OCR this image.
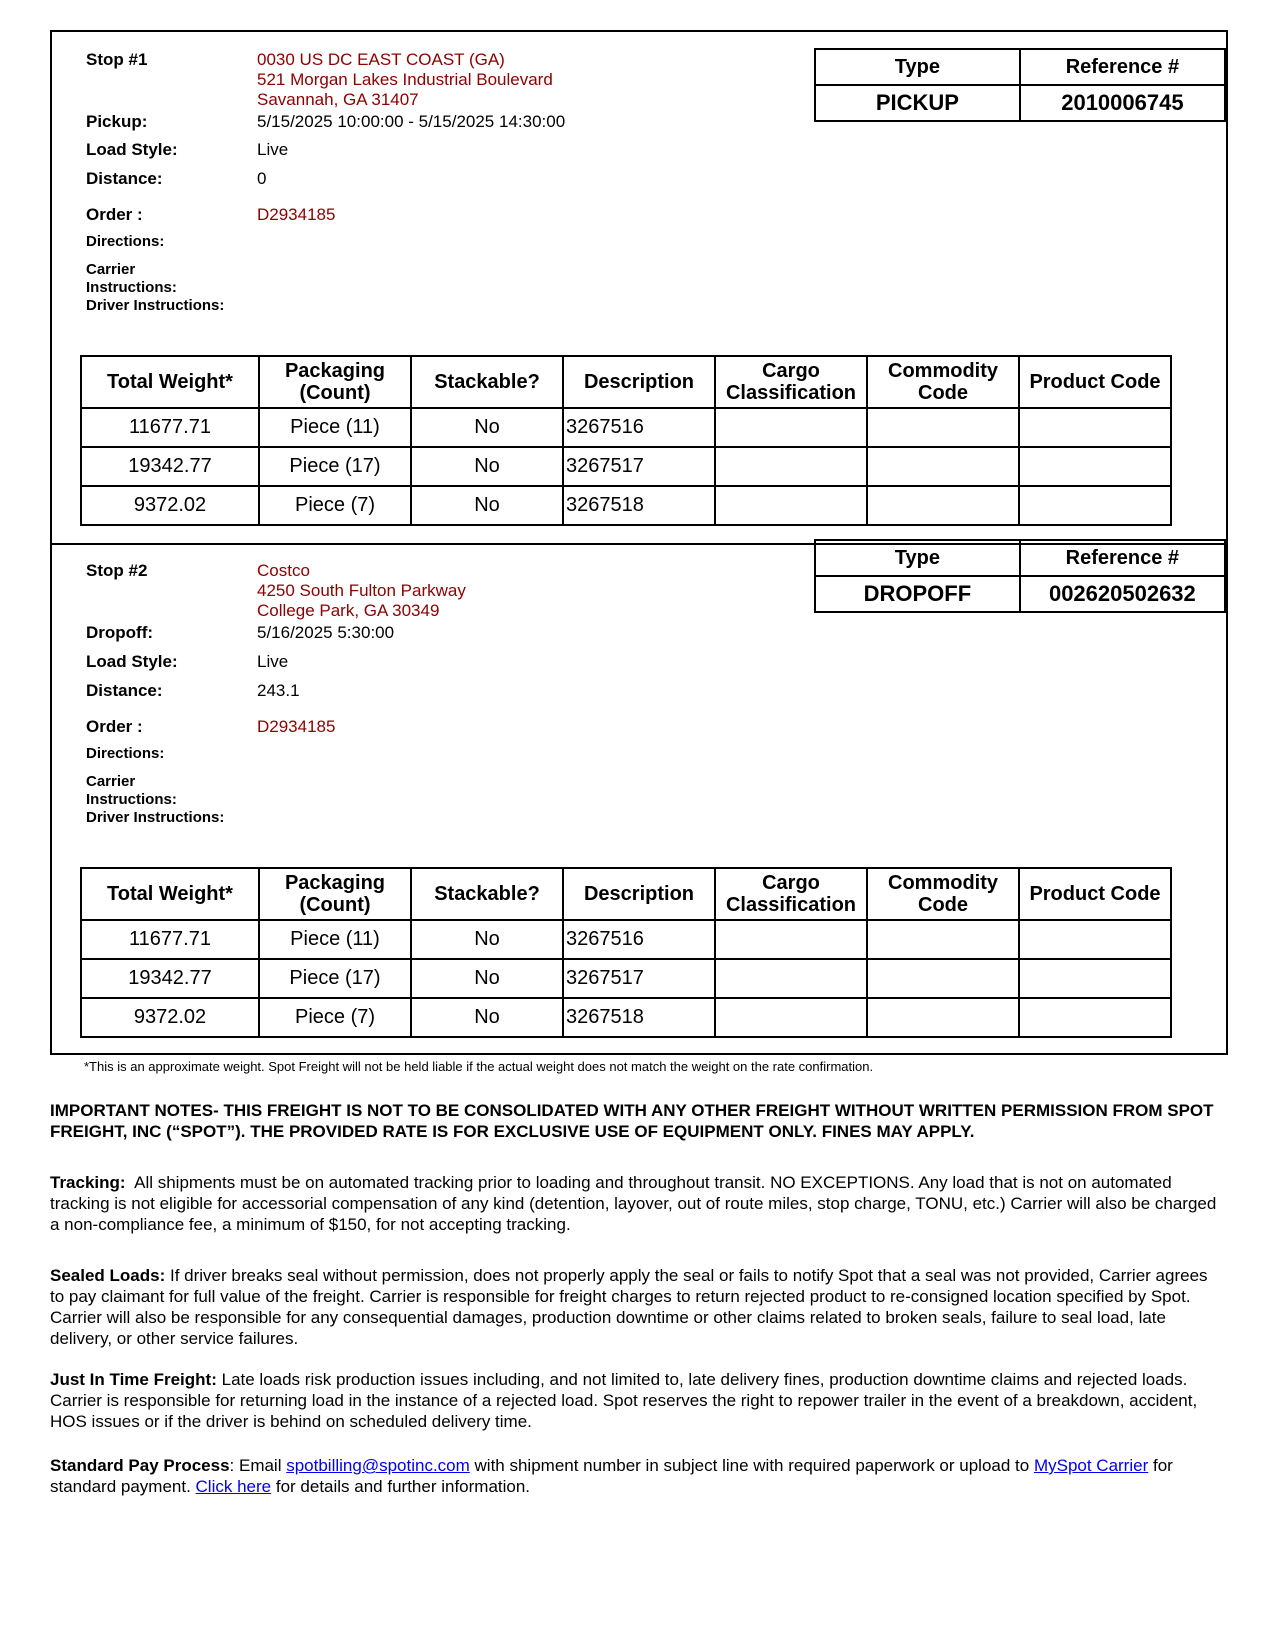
Stop #1	0030 US DC EAST COAST (GA)
521 Morgan Lakes Industrial Boulevard
Savannah, GA 31407
Pickup:	5/15/2025 10:00:00 - 5/15/2025 14:30:00
Load Style:	Live
Distance:	0
Order :	D2934185
Directions:
Carrier
Instructions:
Driver Instructions:
Type	Reference #
PICKUP	2010006745
Total Weight*	Packaging (Count)	Stackable?	Description	Cargo Classification	Commodity Code	Product Code
11677.71	Piece (11)	No	3267516			
19342.77	Piece (17)	No	3267517			
9372.02	Piece (7)	No	3267518			
Stop #2	Costco
4250 South Fulton Parkway
College Park, GA 30349
Dropoff:	5/16/2025 5:30:00
Load Style:	Live
Distance:	243.1
Order :	D2934185
Directions:
Carrier
Instructions:
Driver Instructions:
Type	Reference #
DROPOFF	002620502632
Total Weight*	Packaging (Count)	Stackable?	Description	Cargo Classification	Commodity Code	Product Code
11677.71	Piece (11)	No	3267516			
19342.77	Piece (17)	No	3267517			
9372.02	Piece (7)	No	3267518			
*This is an approximate weight. Spot Freight will not be held liable if the actual weight does not match the weight on the rate confirmation.
IMPORTANT NOTES- THIS FREIGHT IS NOT TO BE CONSOLIDATED WITH ANY OTHER FREIGHT WITHOUT WRITTEN PERMISSION FROM SPOT FREIGHT, INC (“SPOT”). THE PROVIDED RATE IS FOR EXCLUSIVE USE OF EQUIPMENT ONLY. FINES MAY APPLY.
Tracking: All shipments must be on automated tracking prior to loading and throughout transit. NO EXCEPTIONS. Any load that is not on automated tracking is not eligible for accessorial compensation of any kind (detention, layover, out of route miles, stop charge, TONU, etc.) Carrier will also be charged a non-compliance fee, a minimum of $150, for not accepting tracking.
Sealed Loads: If driver breaks seal without permission, does not properly apply the seal or fails to notify Spot that a seal was not provided, Carrier agrees to pay claimant for full value of the freight. Carrier is responsible for freight charges to return rejected product to re-consigned location specified by Spot. Carrier will also be responsible for any consequential damages, production downtime or other claims related to broken seals, failure to seal load, late delivery, or other service failures.
Just In Time Freight: Late loads risk production issues including, and not limited to, late delivery fines, production downtime claims and rejected loads. Carrier is responsible for returning load in the instance of a rejected load. Spot reserves the right to repower trailer in the event of a breakdown, accident, HOS issues or if the driver is behind on scheduled delivery time.
Standard Pay Process: Email spotbilling@spotinc.com with shipment number in subject line with required paperwork or upload to MySpot Carrier for standard payment. Click here for details and further information.
